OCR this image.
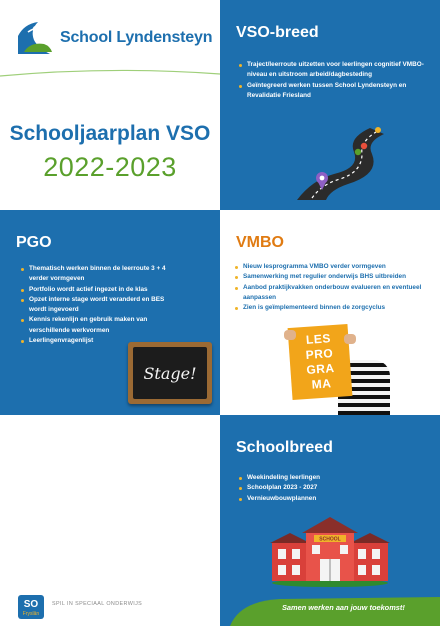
School Lyndensteyn
Schooljaarplan VSO
2022-2023
VSO-breed
Traject/leerroute uitzetten voor leerlingen cognitief VMBO-niveau en uitstroom arbeid/dagbesteding
Geïntegreerd werken tussen School Lyndensteyn en Revalidatie Friesland
PGO
Thematisch werken binnen de leerroute 3 + 4 verder vormgeven
Portfolio wordt actief ingezet in de klas
Opzet interne stage wordt veranderd en BES wordt ingevoerd
Kennis rekenlijn en gebruik maken van verschillende werkvormen
Leerlingenvragenlijst
Stage!
VMBO
Nieuw lesprogramma VMBO verder vormgeven
Samenwerking met regulier onderwijs BHS uitbreiden
Aanbod praktijkvakken onderbouw evalueren en eventueel aanpassen
Zien is geïmplementeerd binnen de zorgcyclus
LES
PRO
GRA
MA
SO
Fryslân
SPIL IN SPECIAAL ONDERWIJS
Schoolbreed
Weekindeling leerlingen
Schoolplan 2023 - 2027
Vernieuwbouwplannen
SCHOOL
Samen werken aan jouw toekomst!
